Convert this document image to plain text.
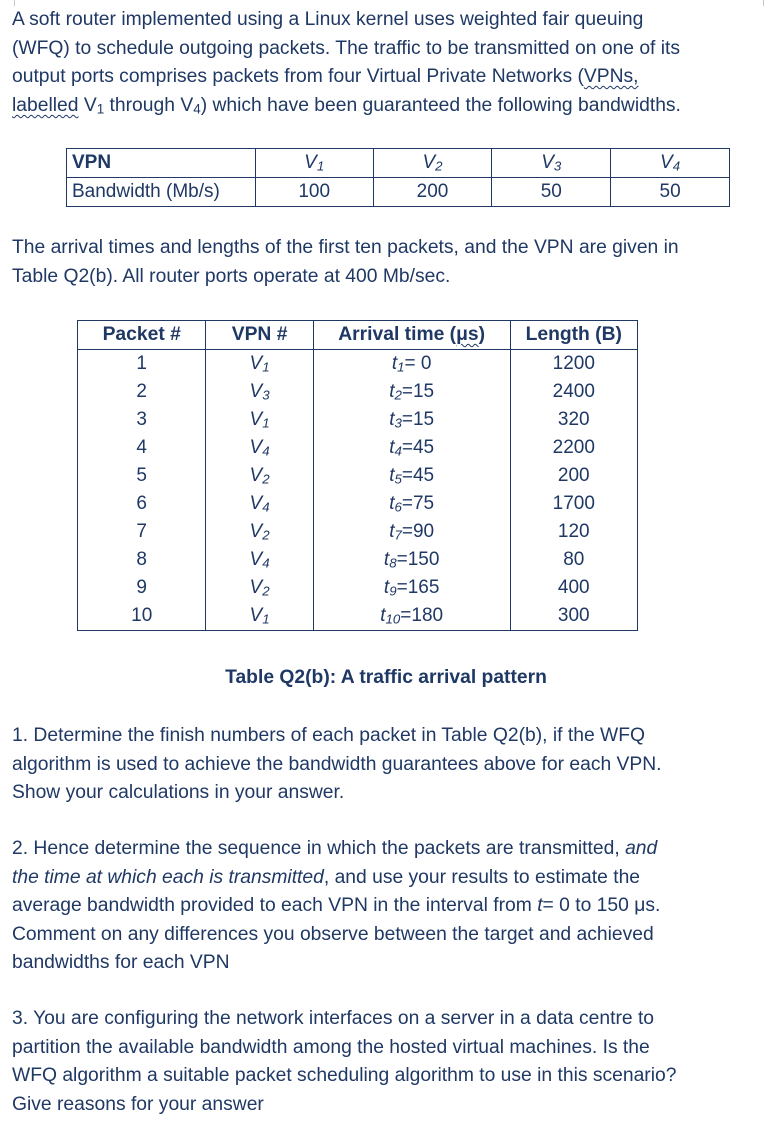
A soft router implemented using a Linux kernel uses weighted fair queuing
(WFQ) to schedule outgoing packets. The traffic to be transmitted on one of its
output ports comprises packets from four Virtual Private Networks (VPNs,
labelled $V_1$ through $V_4$) which have been guaranteed the following bandwidths.

VPN	$V_1$	$V_2$	$V_3$	$V_4$
Bandwidth (Mb/s)	100	200	50	50

The arrival times and lengths of the first ten packets, and the VPN are given in
Table Q2(b). All router ports operate at 400 Mb/sec.

Packet #	VPN #	Arrival time (μs)	Length (B)
1	$V_1$	$t_1= 0$	1200
2	$V_3$	$t_2=15$	2400
3	$V_1$	$t_3=15$	320
4	$V_4$	$t_4=45$	2200
5	$V_2$	$t_5=45$	200
6	$V_4$	$t_6=75$	1700
7	$V_2$	$t_7=90$	120
8	$V_4$	$t_8=150$	80
9	$V_2$	$t_9=165$	400
10	$V_1$	$t_{10}=180$	300

Table Q2(b): A traffic arrival pattern

1. Determine the finish numbers of each packet in Table Q2(b), if the WFQ
algorithm is used to achieve the bandwidth guarantees above for each VPN.
Show your calculations in your answer.

2. Hence determine the sequence in which the packets are transmitted, and
the time at which each is transmitted, and use your results to estimate the
average bandwidth provided to each VPN in the interval from t= 0 to 150 μs.
Comment on any differences you observe between the target and achieved
bandwidths for each VPN

3. You are configuring the network interfaces on a server in a data centre to
partition the available bandwidth among the hosted virtual machines. Is the
WFQ algorithm a suitable packet scheduling algorithm to use in this scenario?
Give reasons for your answer
